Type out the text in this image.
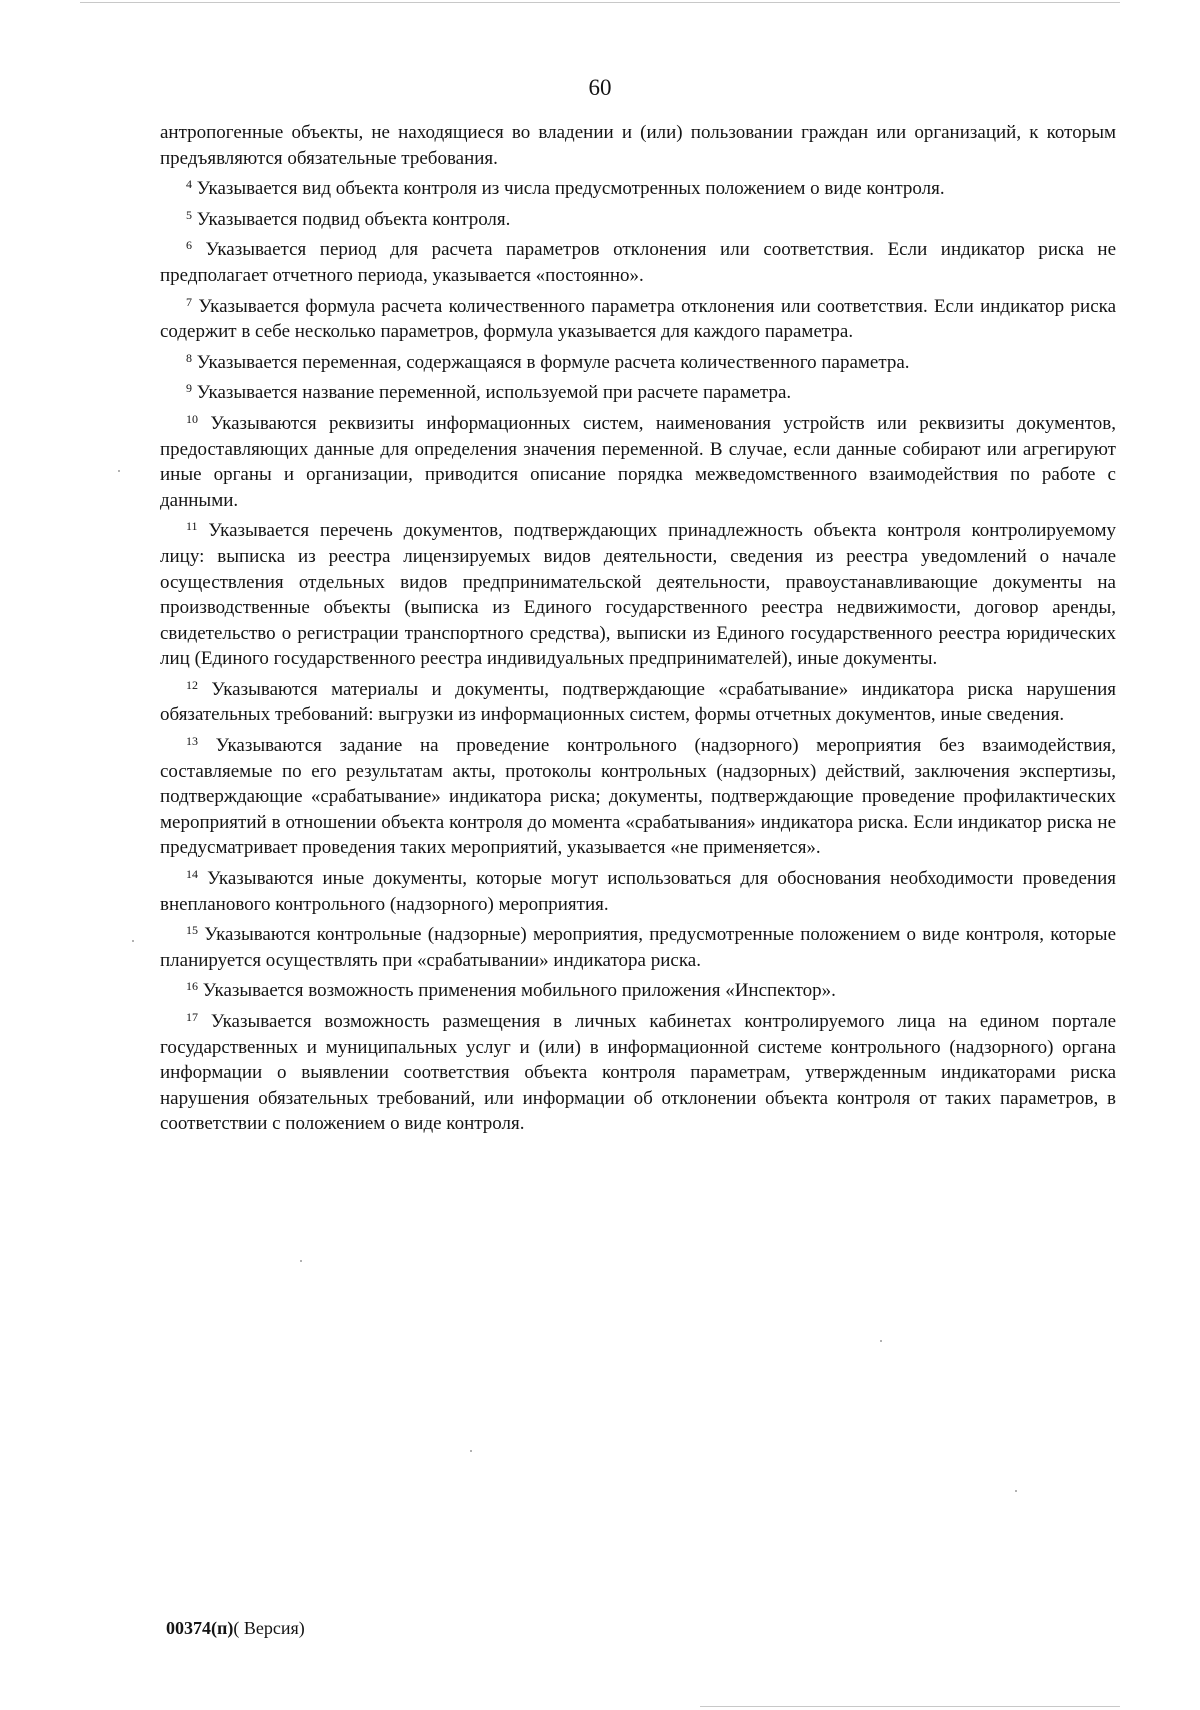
60

антропогенные объекты, не находящиеся во владении и (или) пользовании граждан или организаций, к которым предъявляются обязательные требования.

$^4$ Указывается вид объекта контроля из числа предусмотренных положением о виде контроля.

$^5$ Указывается подвид объекта контроля.

$^6$ Указывается период для расчета параметров отклонения или соответствия. Если индикатор риска не предполагает отчетного периода, указывается «постоянно».

$^7$ Указывается формула расчета количественного параметра отклонения или соответствия. Если индикатор риска содержит в себе несколько параметров, формула указывается для каждого параметра.

$^8$ Указывается переменная, содержащаяся в формуле расчета количественного параметра.

$^9$ Указывается название переменной, используемой при расчете параметра.

$^{10}$ Указываются реквизиты информационных систем, наименования устройств или реквизиты документов, предоставляющих данные для определения значения переменной. В случае, если данные собирают или агрегируют иные органы и организации, приводится описание порядка межведомственного взаимодействия по работе с данными.

$^{11}$ Указывается перечень документов, подтверждающих принадлежность объекта контроля контролируемому лицу: выписка из реестра лицензируемых видов деятельности, сведения из реестра уведомлений о начале осуществления отдельных видов предпринимательской деятельности, правоустанавливающие документы на производственные объекты (выписка из Единого государственного реестра недвижимости, договор аренды, свидетельство о регистрации транспортного средства), выписки из Единого государственного реестра юридических лиц (Единого государственного реестра индивидуальных предпринимателей), иные документы.

$^{12}$ Указываются материалы и документы, подтверждающие «срабатывание» индикатора риска нарушения обязательных требований: выгрузки из информационных систем, формы отчетных документов, иные сведения.

$^{13}$ Указываются задание на проведение контрольного (надзорного) мероприятия без взаимодействия, составляемые по его результатам акты, протоколы контрольных (надзорных) действий, заключения экспертизы, подтверждающие «срабатывание» индикатора риска; документы, подтверждающие проведение профилактических мероприятий в отношении объекта контроля до момента «срабатывания» индикатора риска. Если индикатор риска не предусматривает проведения таких мероприятий, указывается «не применяется».

$^{14}$ Указываются иные документы, которые могут использоваться для обоснования необходимости проведения внепланового контрольного (надзорного) мероприятия.

$^{15}$ Указываются контрольные (надзорные) мероприятия, предусмотренные положением о виде контроля, которые планируется осуществлять при «срабатывании» индикатора риска.

$^{16}$ Указывается возможность применения мобильного приложения «Инспектор».

$^{17}$ Указывается возможность размещения в личных кабинетах контролируемого лица на едином портале государственных и муниципальных услуг и (или) в информационной системе контрольного (надзорного) органа информации о выявлении соответствия объекта контроля параметрам, утвержденным индикаторами риска нарушения обязательных требований, или информации об отклонении объекта контроля от таких параметров, в соответствии с положением о виде контроля.

00374(п)( Версия)
